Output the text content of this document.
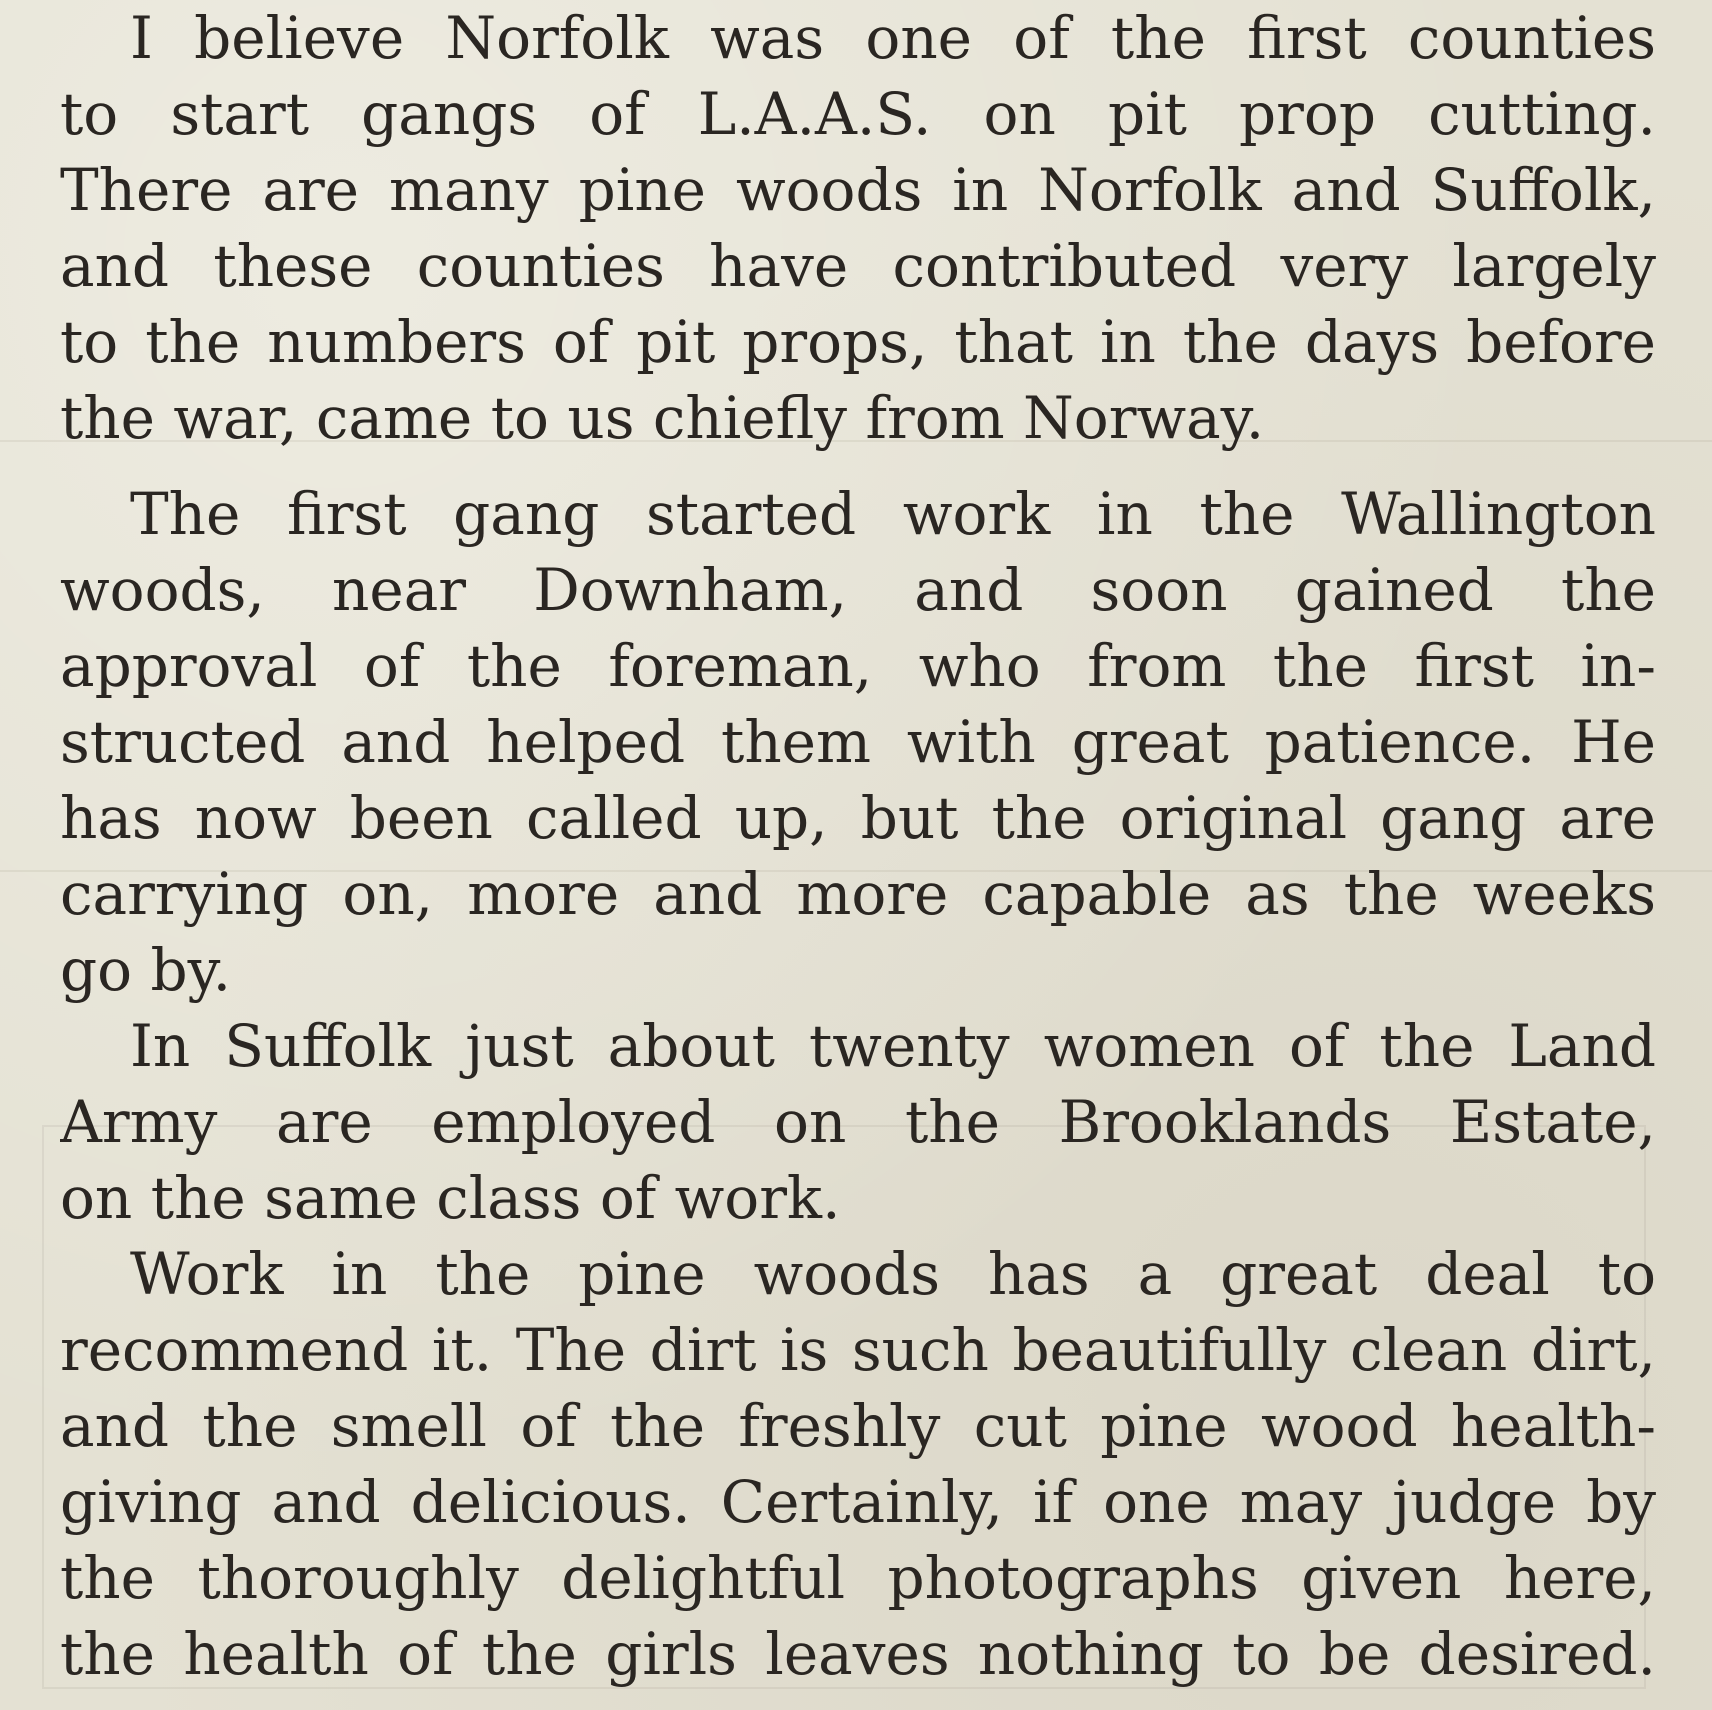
I believe Norfolk was one of the first counties
to start gangs of L.A.A.S. on pit prop cutting.
There are many pine woods in Norfolk and Suffolk,
and these counties have contributed very largely
to the numbers of pit props, that in the days before
the war, came to us chiefly from Norway.
The first gang started work in the Wallington
woods, near Downham, and soon gained the
approval of the foreman, who from the first in-
structed and helped them with great patience. He
has now been called up, but the original gang are
carrying on, more and more capable as the weeks
go by.
In Suffolk just about twenty women of the Land
Army are employed on the Brooklands Estate,
on the same class of work.
Work in the pine woods has a great deal to
recommend it. The dirt is such beautifully clean dirt,
and the smell of the freshly cut pine wood health-
giving and delicious. Certainly, if one may judge by
the thoroughly delightful photographs given here,
the health of the girls leaves nothing to be desired.
